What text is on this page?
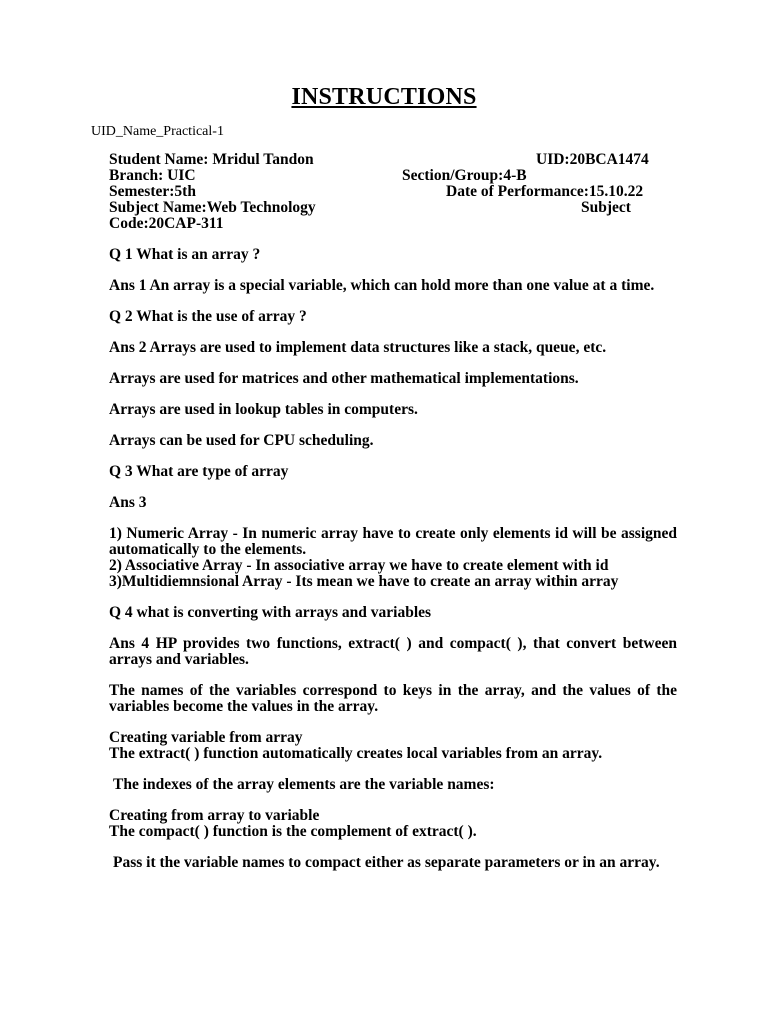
INSTRUCTIONS
UID_Name_Practical-1
Student Name: Mridul Tandon	UID:20BCA1474
Branch: UIC	Section/Group:4-B
Semester:5th	Date of Performance:15.10.22
Subject Name:Web Technology	Subject
Code:20CAP-311

Q 1 What is an array ?

Ans 1 An array is a special variable, which can hold more than one value at a time.

Q 2 What is the use of array ?

Ans 2 Arrays are used to implement data structures like a stack, queue, etc.

Arrays are used for matrices and other mathematical implementations.

Arrays are used in lookup tables in computers.

Arrays can be used for CPU scheduling.

Q 3 What are type of array

Ans 3

1) Numeric Array - In numeric array have to create only elements id will be assigned automatically to the elements.

2) Associative Array - In associative array we have to create element with id

3)Multidiemnsional Array - Its mean we have to create an array within array

Q 4 what is converting with arrays and variables

Ans 4 HP provides two functions, extract( ) and compact( ), that convert between arrays and variables.

The names of the variables correspond to keys in the array, and the values of the variables become the values in the array.

Creating variable from array

The extract( ) function automatically creates local variables from an array.

The indexes of the array elements are the variable names:

Creating from array to variable

The compact( ) function is the complement of extract( ).

Pass it the variable names to compact either as separate parameters or in an array.
